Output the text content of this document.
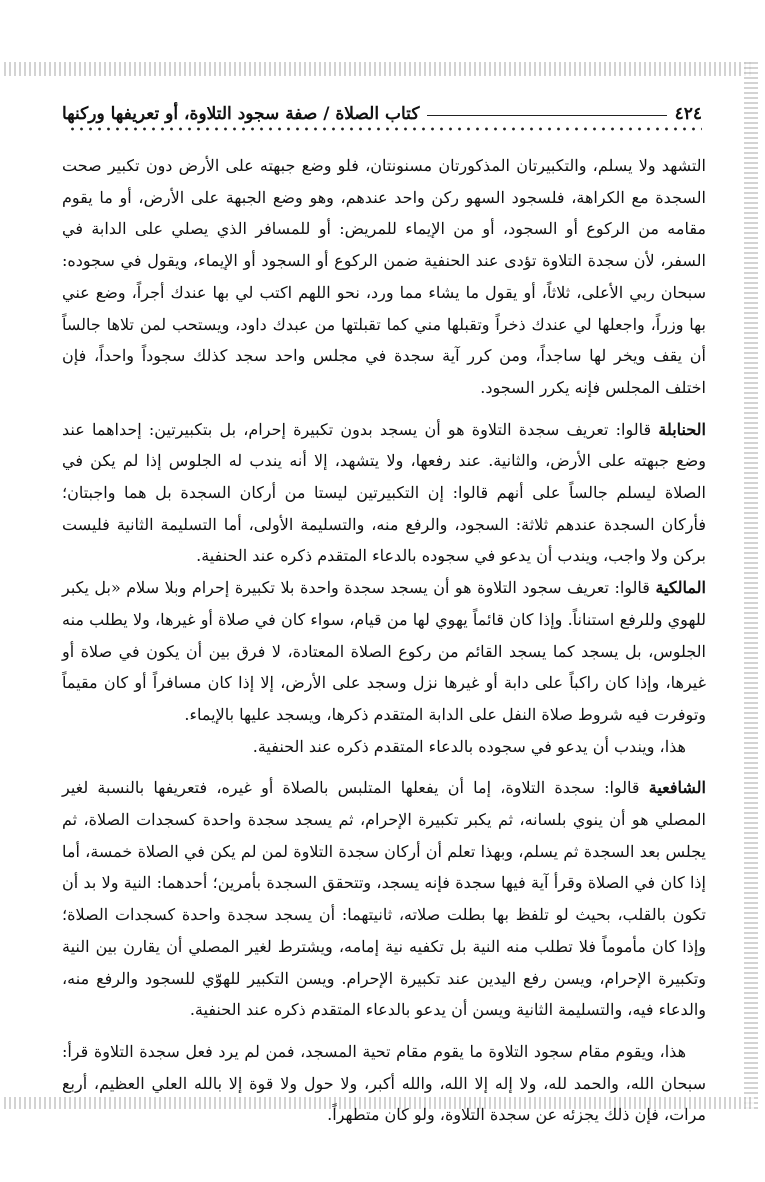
٤٢٤
كتاب الصلاة / صفة سجود التلاوة، أو تعريفها وركنها

التشهد ولا يسلم، والتكبيرتان المذكورتان مسنونتان، فلو وضع جبهته على الأرض دون تكبير صحت السجدة مع الكراهة، فلسجود السهو ركن واحد عندهم، وهو وضع الجبهة على الأرض، أو ما يقوم مقامه من الركوع أو السجود، أو من الإيماء للمريض: أو للمسافر الذي يصلي على الدابة في السفر، لأن سجدة التلاوة تؤدى عند الحنفية ضمن الركوع أو السجود أو الإيماء، ويقول في سجوده: سبحان ربي الأعلى، ثلاثاً، أو يقول ما يشاء مما ورد، نحو اللهم اكتب لي بها عندك أجراً، وضع عني بها وزراً، واجعلها لي عندك ذخراً وتقبلها مني كما تقبلتها من عبدك داود، ويستحب لمن تلاها جالساً أن يقف ويخر لها ساجداً، ومن كرر آية سجدة في مجلس واحد سجد كذلك سجوداً واحداً، فإن اختلف المجلس فإنه يكرر السجود.

الحنابلة قالوا: تعريف سجدة التلاوة هو أن يسجد بدون تكبيرة إحرام، بل بتكبيرتين: إحداهما عند وضع جبهته على الأرض، والثانية. عند رفعها، ولا يتشهد، إلا أنه يندب له الجلوس إذا لم يكن في الصلاة ليسلم جالساً على أنهم قالوا: إن التكبيرتين ليستا من أركان السجدة بل هما واجبتان؛ فأركان السجدة عندهم ثلاثة: السجود، والرفع منه، والتسليمة الأولى، أما التسليمة الثانية فليست بركن ولا واجب، ويندب أن يدعو في سجوده بالدعاء المتقدم ذكره عند الحنفية.

المالكية قالوا: تعريف سجود التلاوة هو أن يسجد سجدة واحدة بلا تكبيرة إحرام وبلا سلام «بل يكبر للهوي وللرفع استناناً. وإذا كان قائماً يهوي لها من قيام، سواء كان في صلاة أو غيرها، ولا يطلب منه الجلوس، بل يسجد كما يسجد القائم من ركوع الصلاة المعتادة، لا فرق بين أن يكون في صلاة أو غيرها، وإذا كان راكباً على دابة أو غيرها نزل وسجد على الأرض، إلا إذا كان مسافراً أو كان مقيماً وتوفرت فيه شروط صلاة النفل على الدابة المتقدم ذكرها، ويسجد عليها بالإيماء.

هذا، ويندب أن يدعو في سجوده بالدعاء المتقدم ذكره عند الحنفية.

الشافعية قالوا: سجدة التلاوة، إما أن يفعلها المتلبس بالصلاة أو غيره، فتعريفها بالنسبة لغير المصلي هو أن ينوي بلسانه، ثم يكبر تكبيرة الإحرام، ثم يسجد سجدة واحدة كسجدات الصلاة، ثم يجلس بعد السجدة ثم يسلم، وبهذا تعلم أن أركان سجدة التلاوة لمن لم يكن في الصلاة خمسة، أما إذا كان في الصلاة وقرأ آية فيها سجدة فإنه يسجد، وتتحقق السجدة بأمرين؛ أحدهما: النية ولا بد أن تكون بالقلب، بحيث لو تلفظ بها بطلت صلاته، ثانيتهما: أن يسجد سجدة واحدة كسجدات الصلاة؛ وإذا كان مأموماً فلا تطلب منه النية بل تكفيه نية إمامه، ويشترط لغير المصلي أن يقارن بين النية وتكبيرة الإحرام، ويسن رفع اليدين عند تكبيرة الإحرام. ويسن التكبير للهوّي للسجود والرفع منه، والدعاء فيه، والتسليمة الثانية ويسن أن يدعو بالدعاء المتقدم ذكره عند الحنفية.

هذا، ويقوم مقام سجود التلاوة ما يقوم مقام تحية المسجد، فمن لم يرد فعل سجدة التلاوة قرأ: سبحان الله، والحمد لله، ولا إله إلا الله، والله أكبر، ولا حول ولا قوة إلا بالله العلي العظيم، أربع مرات، فإن ذلك يجزئه عن سجدة التلاوة، ولو كان متطهراً.
